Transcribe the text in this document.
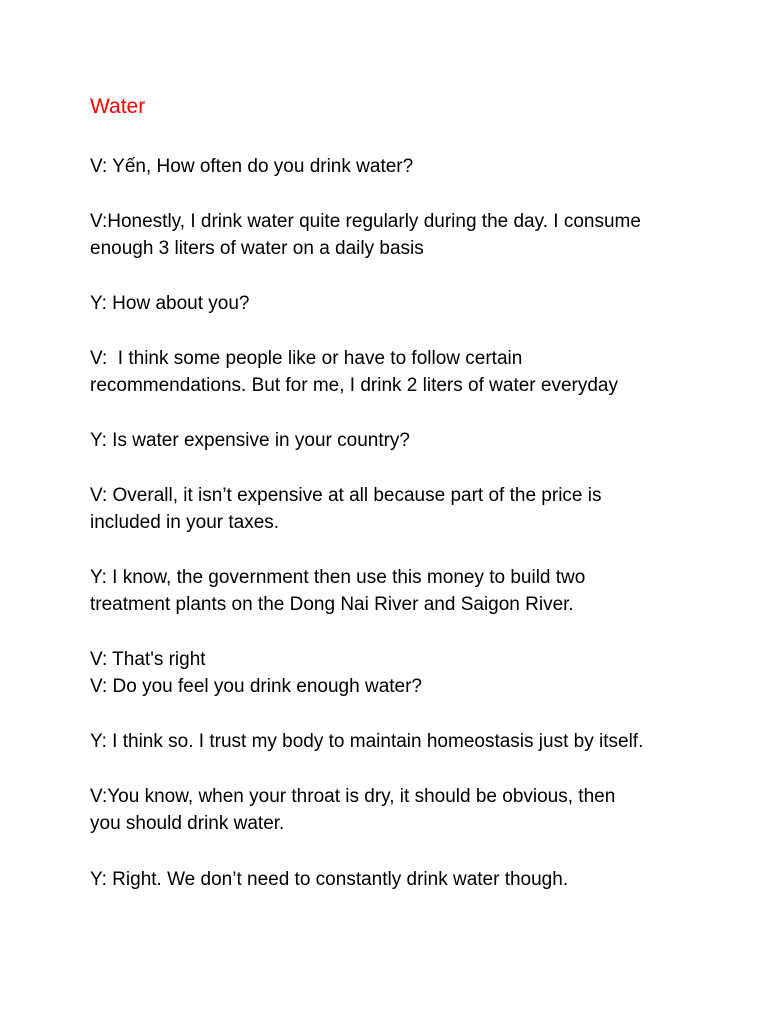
Water
V: Yến, How often do you drink water?
V:Honestly, I drink water quite regularly during the day. I consume
enough 3 liters of water on a daily basis
Y: How about you?
V:  I think some people like or have to follow certain
recommendations. But for me, I drink 2 liters of water everyday
Y: Is water expensive in your country?
V: Overall, it isn’t expensive at all because part of the price is
included in your taxes.
Y: I know, the government then use this money to build two
treatment plants on the Dong Nai River and Saigon River.
V: That's right
V: Do you feel you drink enough water?
Y: I think so. I trust my body to maintain homeostasis just by itself.
V:You know, when your throat is dry, it should be obvious, then
you should drink water.
Y: Right. We don’t need to constantly drink water though.
